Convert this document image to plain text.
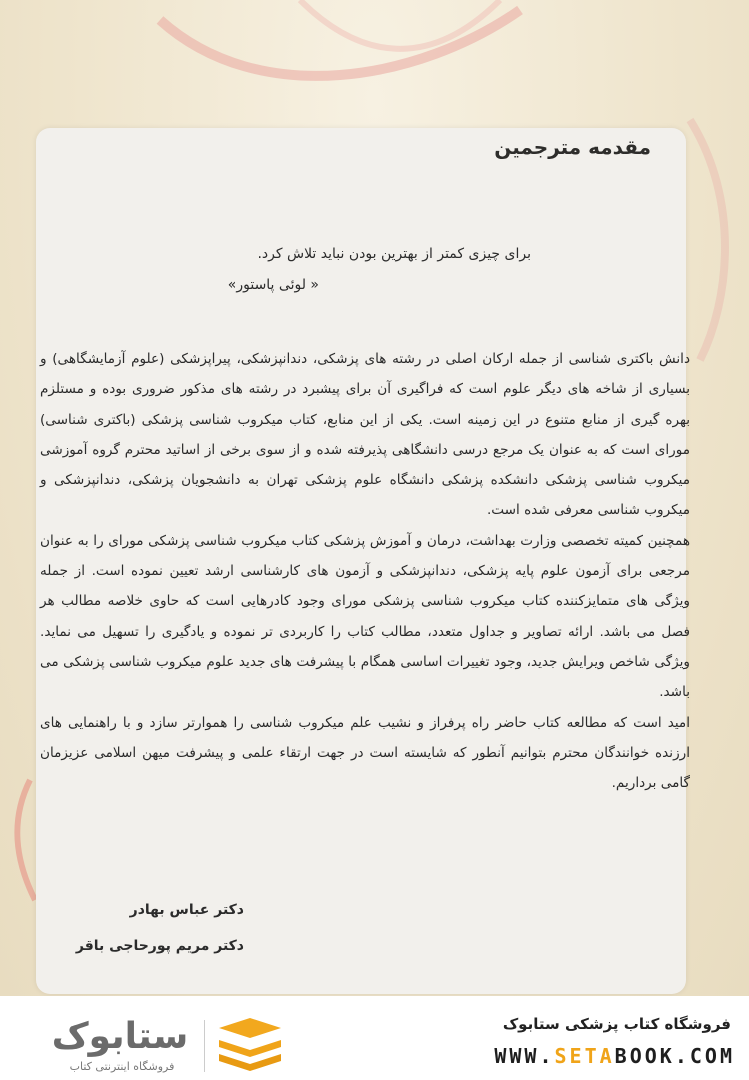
مقدمه مترجمین
برای چیزی کمتر از بهترین بودن نباید تلاش کرد.
« لوئی پاستور»

دانش باکتری شناسی از جمله ارکان اصلی در رشته های پزشکی، دندانپزشکی، پیراپزشکی (علوم آزمایشگاهی) و بسیاری از شاخه های دیگر علوم است که فراگیری آن برای پیشبرد در رشته های مذکور ضروری بوده و مستلزم بهره گیری از منابع متنوع در این زمینه است. یکی از این منابع، کتاب میکروب شناسی پزشکی (باکتری شناسی) مورای است که به عنوان یک مرجع درسی دانشگاهی پذیرفته شده و از سوی برخی از اساتید محترم گروه آموزشی میکروب شناسی پزشکی دانشکده پزشکی دانشگاه علوم پزشکی تهران به دانشجویان پزشکی، دندانپزشکی و میکروب شناسی معرفی شده است.

همچنین کمیته تخصصی وزارت بهداشت، درمان و آموزش پزشکی کتاب میکروب شناسی پزشکی مورای را به عنوان مرجعی برای آزمون علوم پایه پزشکی، دندانپزشکی و آزمون های کارشناسی ارشد تعیین نموده است. از جمله ویژگی های متمایزکننده کتاب میکروب شناسی پزشکی مورای وجود کادرهایی است که حاوی خلاصه مطالب هر فصل می باشد. ارائه تصاویر و جداول متعدد، مطالب کتاب را کاربردی تر نموده و یادگیری را تسهیل می نماید. ویژگی شاخص ویرایش جدید، وجود تغییرات اساسی همگام با پیشرفت های جدید علوم میکروب شناسی پزشکی می باشد.

امید است که مطالعه کتاب حاضر راه پرفراز و نشیب علم میکروب شناسی را هموارتر سازد و با راهنمایی های ارزنده خوانندگان محترم بتوانیم آنطور که شایسته است در جهت ارتقاء علمی و پیشرفت میهن اسلامی عزیزمان گامی برداریم.

دکتر عباس بهادر
دکتر مریم پورحاجی باقر
فروشگاه کتاب پزشکی ستابوک
WWW.SETABOOK.COM
ستابوک
فروشگاه اینترنتی کتاب
